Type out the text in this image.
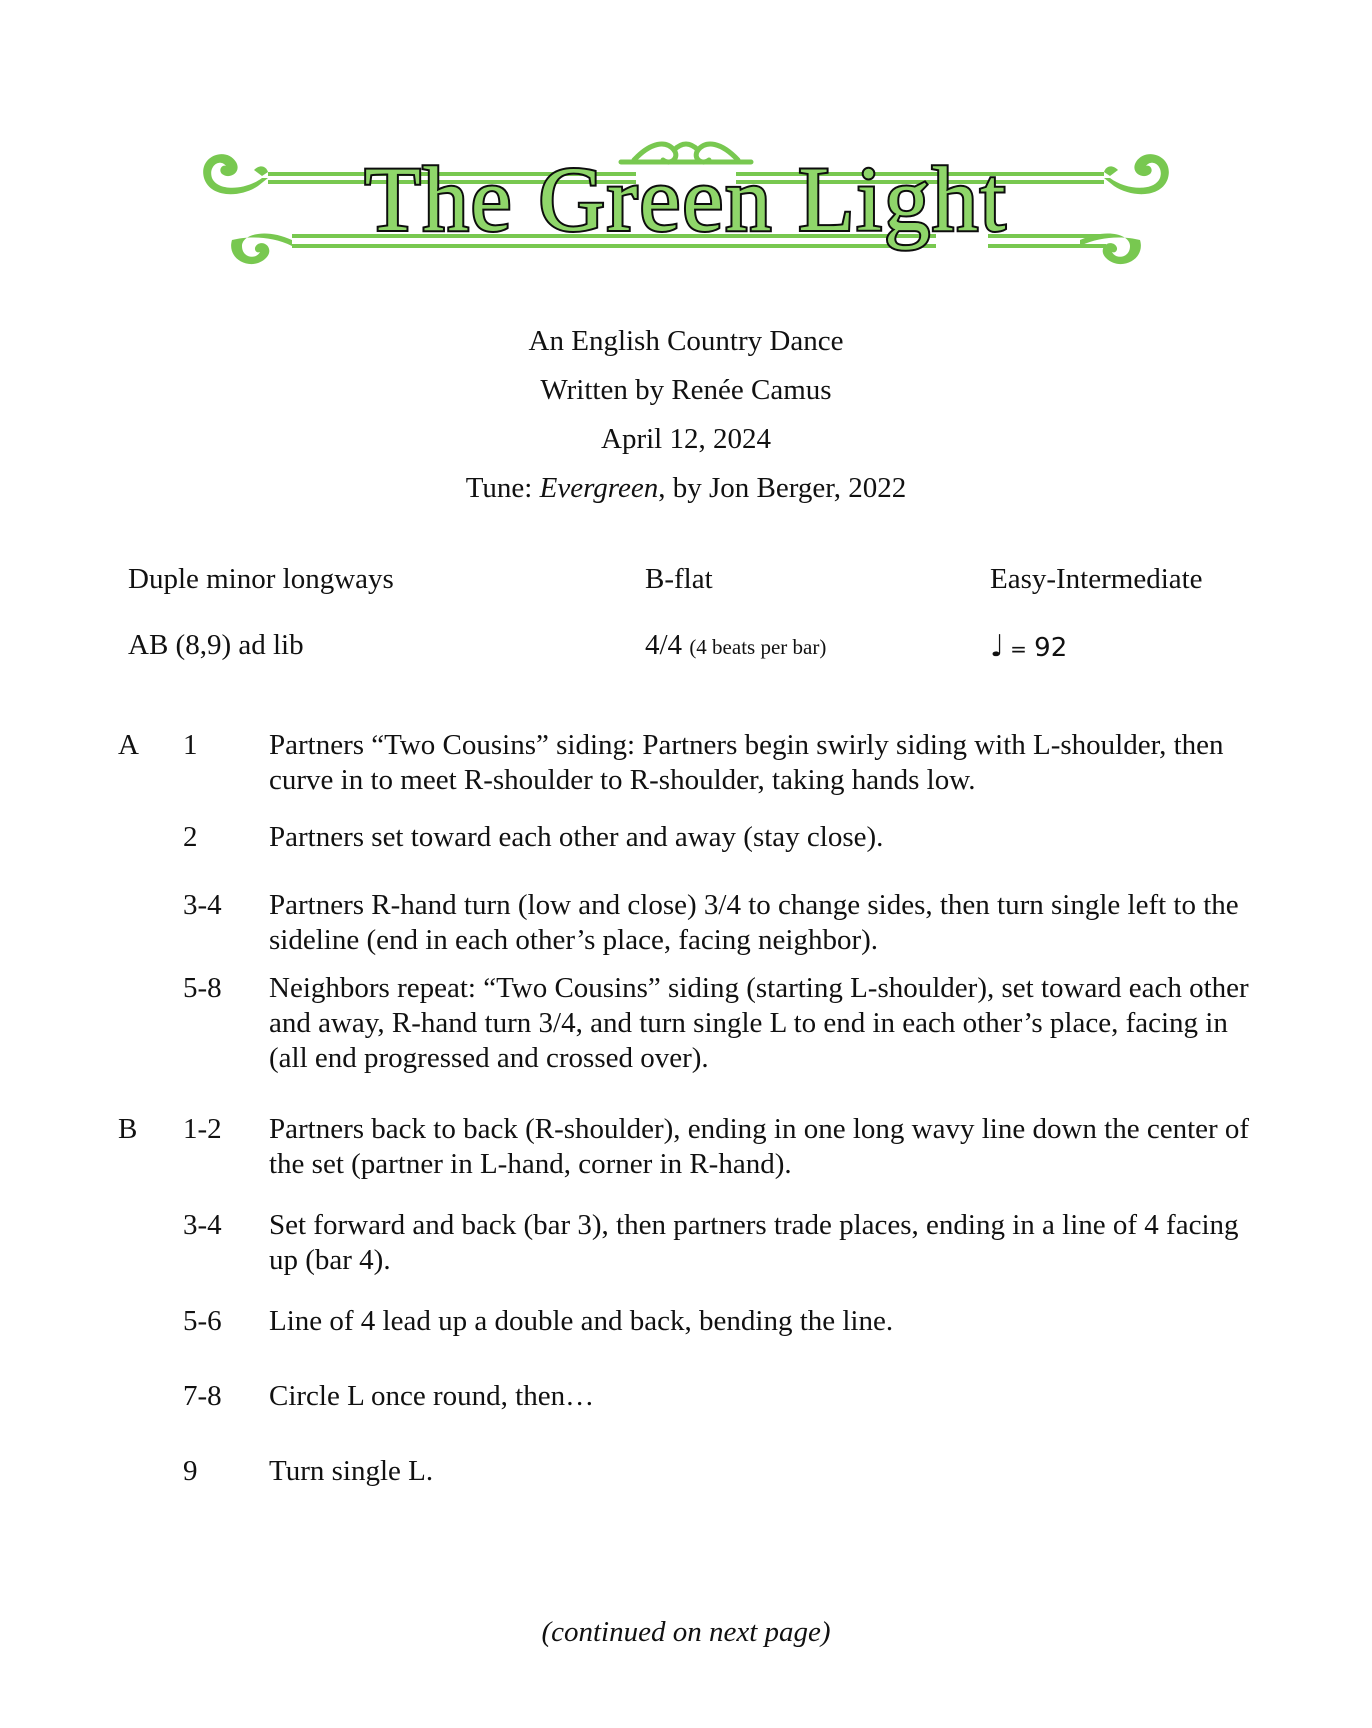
The Green Light
An English Country Dance
Written by Renée Camus
April 12, 2024
Tune: Evergreen, by Jon Berger, 2022
Duple minor longways	B-flat	Easy-Intermediate
AB (8,9) ad lib	4/4 (4 beats per bar)	♩ = 92
A	1	Partners “Two Cousins” siding: Partners begin swirly siding with L-shoulder, then curve in to meet R-shoulder to R-shoulder, taking hands low.
2	Partners set toward each other and away (stay close).
3-4	Partners R-hand turn (low and close) 3/4 to change sides, then turn single left to the sideline (end in each other’s place, facing neighbor).
5-8	Neighbors repeat: “Two Cousins” siding (starting L-shoulder), set toward each other and away, R-hand turn 3/4, and turn single L to end in each other’s place, facing in (all end progressed and crossed over).
B	1-2	Partners back to back (R-shoulder), ending in one long wavy line down the center of the set (partner in L-hand, corner in R-hand).
3-4	Set forward and back (bar 3), then partners trade places, ending in a line of 4 facing up (bar 4).
5-6	Line of 4 lead up a double and back, bending the line.
7-8	Circle L once round, then…
9	Turn single L.
(continued on next page)
